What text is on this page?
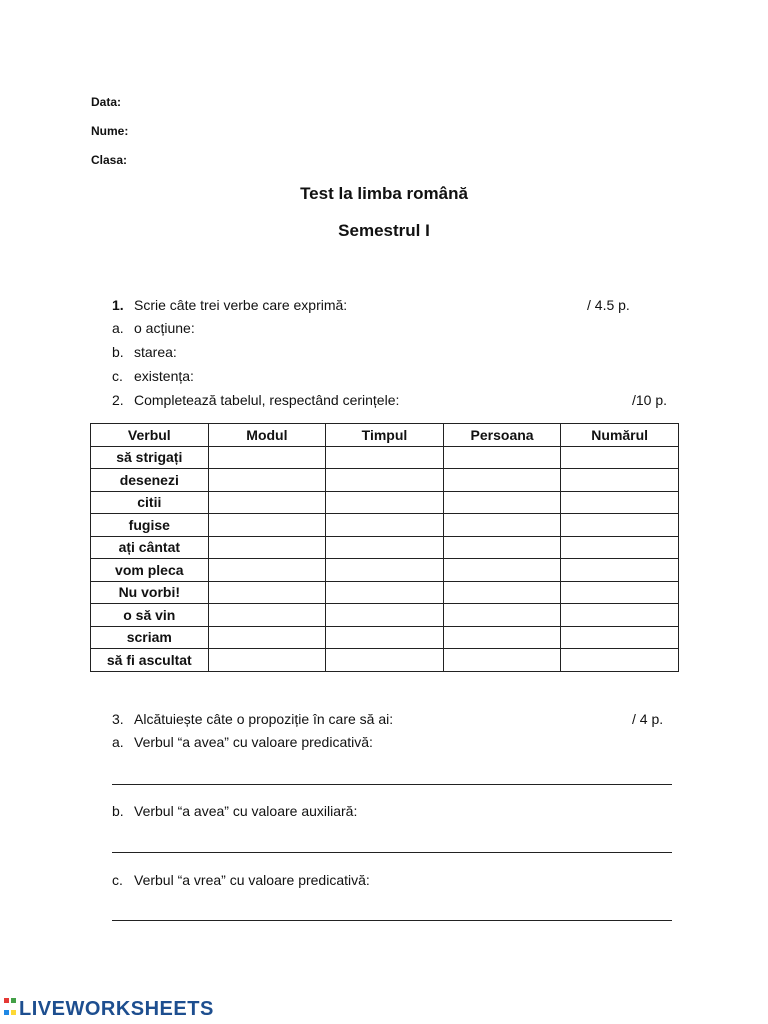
Data:
Nume:
Clasa:
Test la limba română
Semestrul I
1. Scrie câte trei verbe care exprimă:	/ 4.5 p.
a. o acțiune:
b. starea:
c. existența:
2. Completează tabelul, respectând cerințele:	/10 p.
Verbul	Modul	Timpul	Persoana	Numărul
să strigați				
desenezi				
citii				
fugise				
ați cântat				
vom pleca				
Nu vorbi!				
o să vin				
scriam				
să fi ascultat				
3. Alcătuiește câte o propoziție în care să ai:	/ 4 p.
a. Verbul “a avea” cu valoare predicativă:
b. Verbul “a avea” cu valoare auxiliară:
c. Verbul “a vrea” cu valoare predicativă:
LIVEWORKSHEETS
